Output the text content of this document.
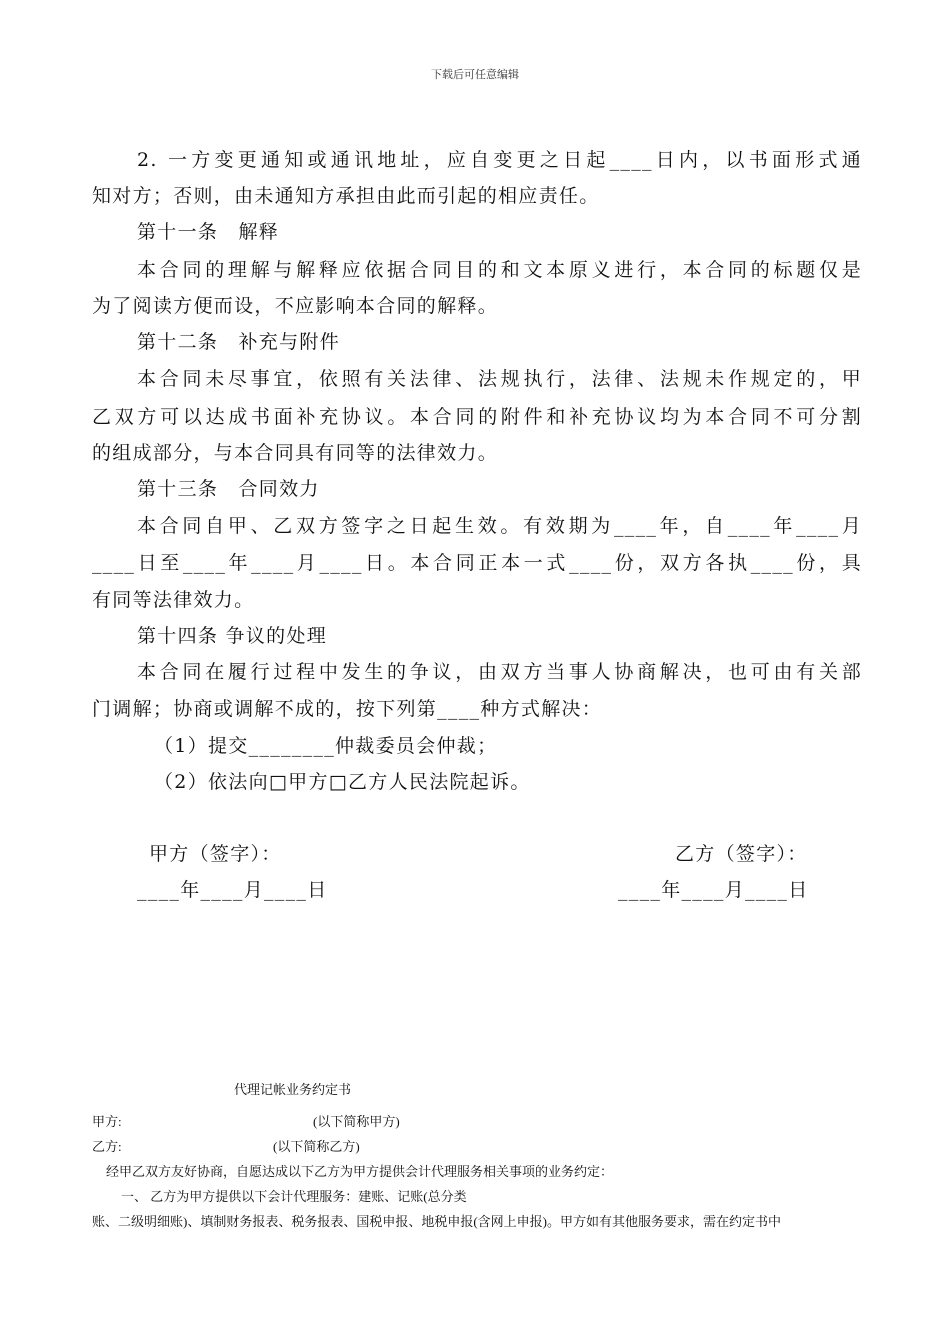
下载后可任意编辑
2. 一方变更通知或通讯地址，应自变更之日起____日内，以书面形式通
知对方；否则，由未通知方承担由此而引起的相应责任。
第十一条　解释
本合同的理解与解释应依据合同目的和文本原义进行，本合同的标题仅是
为了阅读方便而设，不应影响本合同的解释。
第十二条　补充与附件
本合同未尽事宜，依照有关法律、法规执行，法律、法规未作规定的，甲
乙双方可以达成书面补充协议。本合同的附件和补充协议均为本合同不可分割
的组成部分，与本合同具有同等的法律效力。
第十三条　合同效力
本合同自甲、乙双方签字之日起生效。有效期为____年，自____年____月
____日至____年____月____日。本合同正本一式____份，双方各执____份，具
有同等法律效力。
第十四条 争议的处理
本合同在履行过程中发生的争议，由双方当事人协商解决，也可由有关部
门调解；协商或调解不成的，按下列第____种方式解决：
（1）提交________仲裁委员会仲裁；
（2）依法向□甲方□乙方人民法院起诉。
甲方（签字）：	乙方（签字）：
____年____月____日	____年____月____日
代理记帐业务约定书
甲方:	(以下简称甲方)
乙方:	(以下简称乙方)
经甲乙双方友好协商，自愿达成以下乙方为甲方提供会计代理服务相关事项的业务约定：
一、 乙方为甲方提供以下会计代理服务：建账、记账(总分类
账、二级明细账)、填制财务报表、税务报表、国税申报、地税申报(含网上申报)。甲方如有其他服务要求，需在约定书中
